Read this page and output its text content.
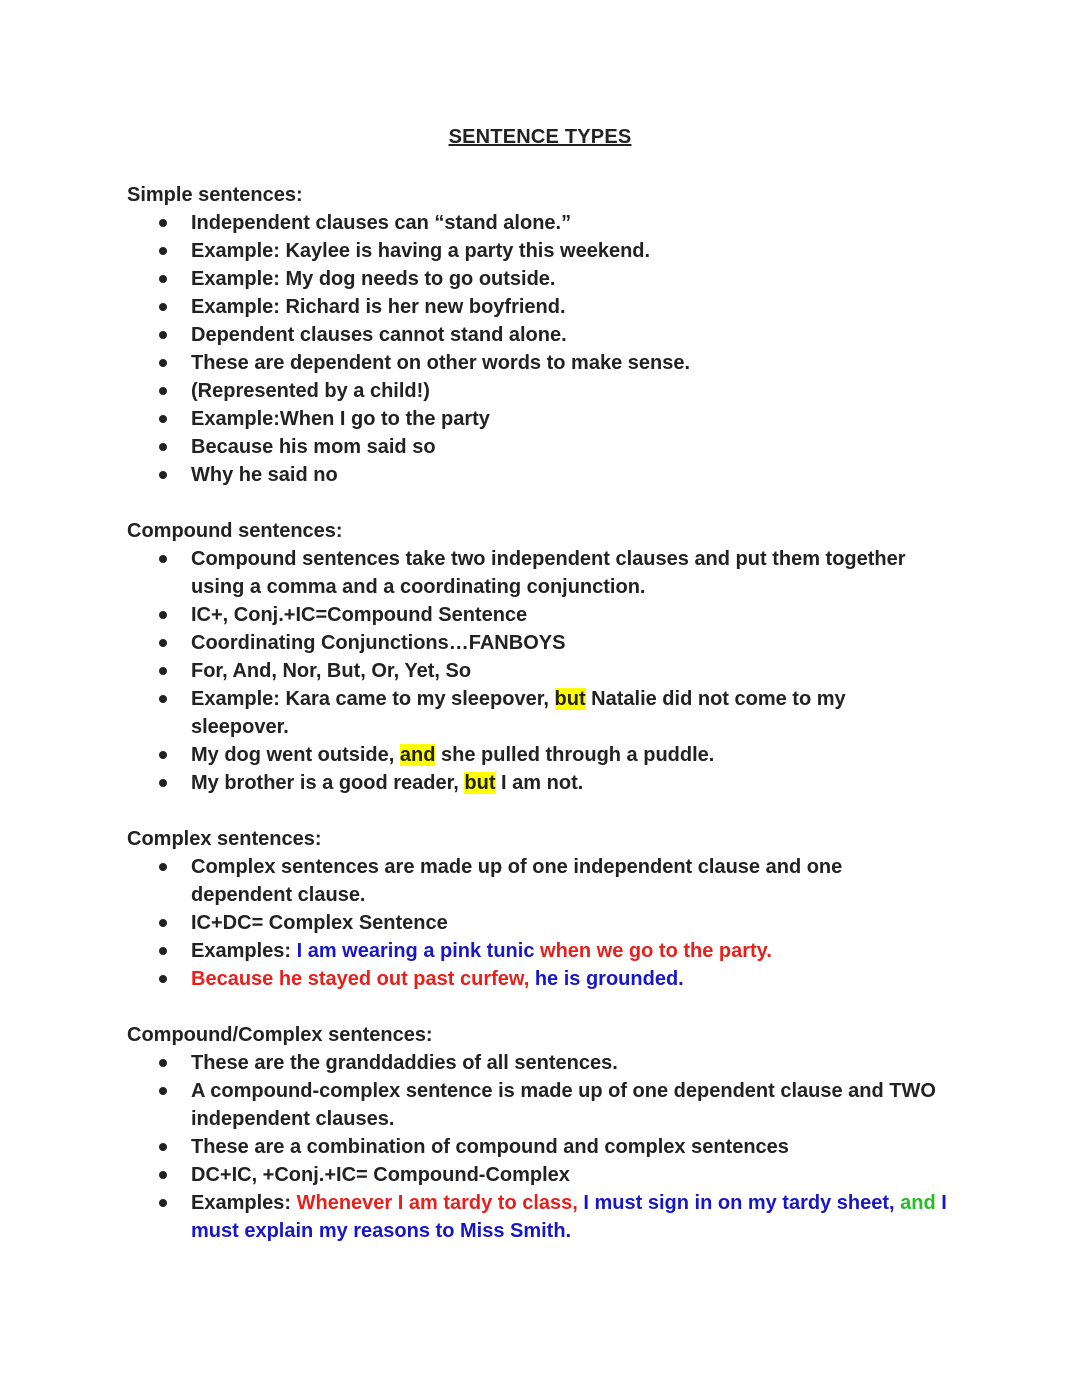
SENTENCE TYPES
Simple sentences:
Independent clauses can “stand alone.”
Example: Kaylee is having a party this weekend.
Example: My dog needs to go outside.
Example: Richard is her new boyfriend.
Dependent clauses cannot stand alone.
These are dependent on other words to make sense.
(Represented by a child!)
Example:When I go to the party
Because his mom said so
Why he said no
Compound sentences:
Compound sentences take two independent clauses and put them together using a comma and a coordinating conjunction.
IC+, Conj.+IC=Compound Sentence
Coordinating Conjunctions…FANBOYS
For, And, Nor, But, Or, Yet, So
Example: Kara came to my sleepover, but Natalie did not come to my sleepover.
My dog went outside, and she pulled through a puddle.
My brother is a good reader, but I am not.
Complex sentences:
Complex sentences are made up of one independent clause and one dependent clause.
IC+DC= Complex Sentence
Examples: I am wearing a pink tunic when we go to the party.
Because he stayed out past curfew, he is grounded.
Compound/Complex sentences:
These are the granddaddies of all sentences.
A compound-complex sentence is made up of one dependent clause and TWO independent clauses.
These are a combination of compound and complex sentences
DC+IC, +Conj.+IC= Compound-Complex
Examples: Whenever I am tardy to class, I must sign in on my tardy sheet, and I must explain my reasons to Miss Smith.
